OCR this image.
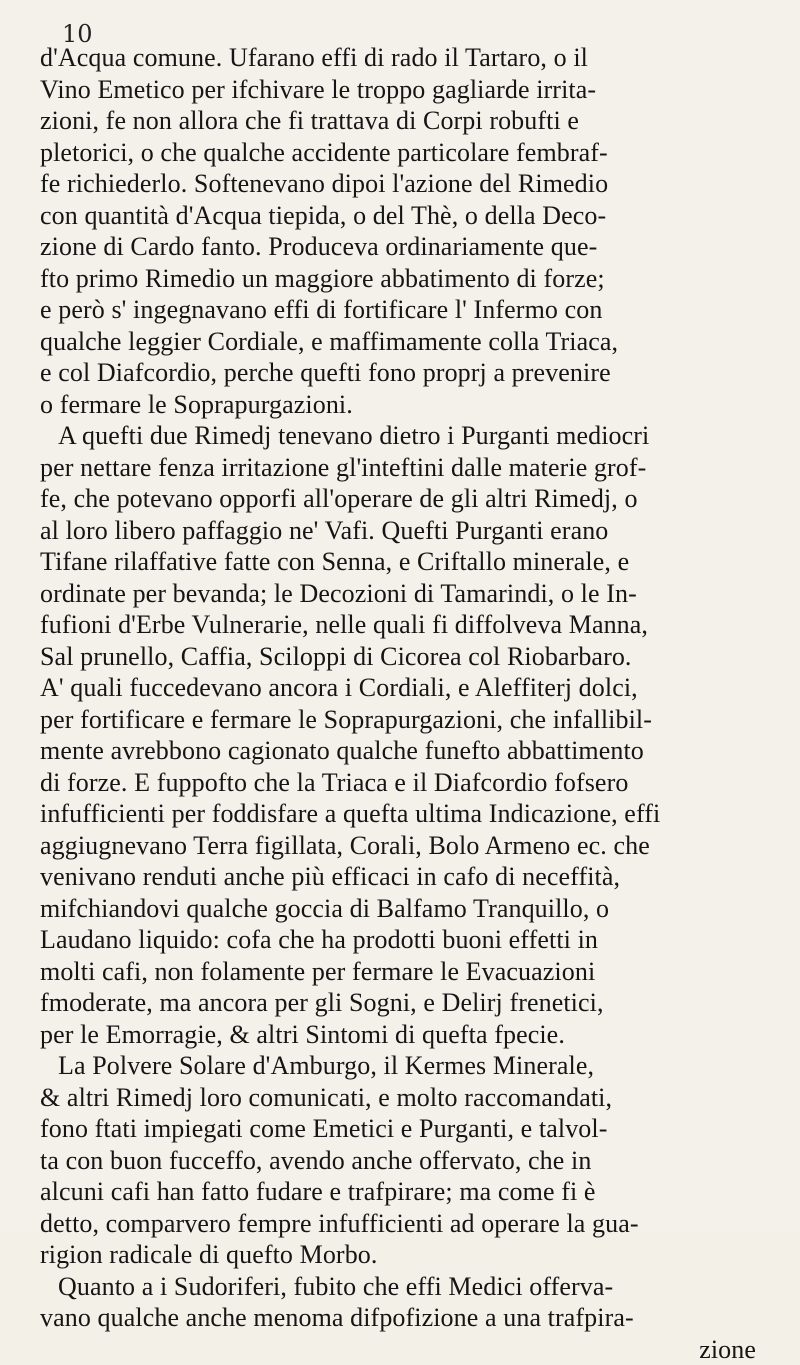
10
d'Acqua comune. Ufarano effi di rado il Tartaro, o il
Vino Emetico per ifchivare le troppo gagliarde irrita-
zioni, fe non allora che fi trattava di Corpi robufti e
pletorici, o che qualche accidente particolare fembraf-
fe richiederlo. Softenevano dipoi l'azione del Rimedio
con quantità d'Acqua tiepida, o del Thè, o della Deco-
zione di Cardo fanto. Produceva ordinariamente que-
fto primo Rimedio un maggiore abbatimento di forze;
e però s' ingegnavano effi di fortificare l' Infermo con
qualche leggier Cordiale, e maffimamente colla Triaca,
e col Diafcordio, perche quefti fono proprj a prevenire
o fermare le Soprapurgazioni.
A quefti due Rimedj tenevano dietro i Purganti mediocri
per nettare fenza irritazione gl'inteftini dalle materie grof-
fe, che potevano opporfi all'operare de gli altri Rimedj, o
al loro libero paffaggio ne' Vafi. Quefti Purganti erano
Tifane rilaffative fatte con Senna, e Criftallo minerale, e
ordinate per bevanda; le Decozioni di Tamarindi, o le In-
fufioni d'Erbe Vulnerarie, nelle quali fi diffolveva Manna,
Sal prunello, Caffia, Sciloppi di Cicorea col Riobarbaro.
A' quali fuccedevano ancora i Cordiali, e Aleffiterj dolci,
per fortificare e fermare le Soprapurgazioni, che infallibil-
mente avrebbono cagionato qualche funefto abbattimento
di forze. E fuppofto che la Triaca e il Diafcordio fofsero
infufficienti per foddisfare a quefta ultima Indicazione, effi
aggiugnevano Terra figillata, Corali, Bolo Armeno ec. che
venivano renduti anche più efficaci in cafo di neceffità,
mifchiandovi qualche goccia di Balfamo Tranquillo, o
Laudano liquido: cofa che ha prodotti buoni effetti in
molti cafi, non folamente per fermare le Evacuazioni
fmoderate, ma ancora per gli Sogni, e Delirj frenetici,
per le Emorragie, & altri Sintomi di quefta fpecie.
La Polvere Solare d'Amburgo, il Kermes Minerale,
& altri Rimedj loro comunicati, e molto raccomandati,
fono ftati impiegati come Emetici e Purganti, e talvol-
ta con buon fucceffo, avendo anche offervato, che in
alcuni cafi han fatto fudare e trafpirare; ma come fi è
detto, comparvero fempre infufficienti ad operare la gua-
rigion radicale di quefto Morbo.
Quanto a i Sudoriferi, fubito che effi Medici offerva-
vano qualche anche menoma difpofizione a una trafpira-
zione
